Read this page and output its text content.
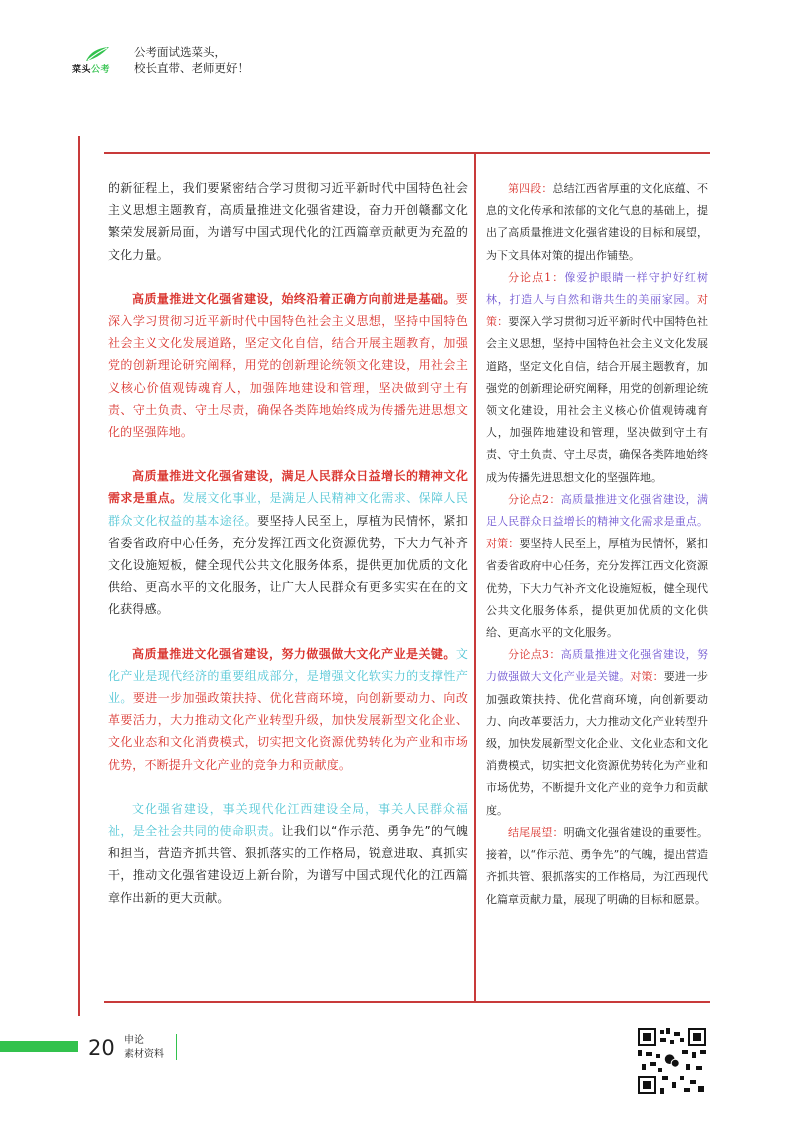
菜头公考
公考面试选菜头，
校长直带、老师更好！

的新征程上，我们要紧密结合学习贯彻习近平新时代中国特色社会主义思想主题教育，高质量推进文化强省建设，奋力开创赣鄱文化繁荣发展新局面，为谱写中国式现代化的江西篇章贡献更为充盈的文化力量。

高质量推进文化强省建设，始终沿着正确方向前进是基础。要深入学习贯彻习近平新时代中国特色社会主义思想，坚持中国特色社会主义文化发展道路，坚定文化自信，结合开展主题教育，加强党的创新理论研究阐释，用党的创新理论统领文化建设，用社会主义核心价值观铸魂育人，加强阵地建设和管理，坚决做到守土有责、守土负责、守土尽责，确保各类阵地始终成为传播先进思想文化的坚强阵地。

高质量推进文化强省建设，满足人民群众日益增长的精神文化需求是重点。发展文化事业，是满足人民精神文化需求、保障人民群众文化权益的基本途径。要坚持人民至上，厚植为民情怀，紧扣省委省政府中心任务，充分发挥江西文化资源优势，下大力气补齐文化设施短板，健全现代公共文化服务体系，提供更加优质的文化供给、更高水平的文化服务，让广大人民群众有更多实实在在的文化获得感。

高质量推进文化强省建设，努力做强做大文化产业是关键。文化产业是现代经济的重要组成部分，是增强文化软实力的支撑性产业。要进一步加强政策扶持、优化营商环境，向创新要动力、向改革要活力，大力推动文化产业转型升级，加快发展新型文化企业、文化业态和文化消费模式，切实把文化资源优势转化为产业和市场优势，不断提升文化产业的竞争力和贡献度。

文化强省建设，事关现代化江西建设全局，事关人民群众福祉，是全社会共同的使命职责。让我们以“作示范、勇争先”的气魄和担当，营造齐抓共管、狠抓落实的工作格局，锐意进取、真抓实干，推动文化强省建设迈上新台阶，为谱写中国式现代化的江西篇章作出新的更大贡献。

第四段：总结江西省厚重的文化底蕴、不息的文化传承和浓郁的文化气息的基础上，提出了高质量推进文化强省建设的目标和展望，为下文具体对策的提出作铺垫。

分论点1：像爱护眼睛一样守护好红树林，打造人与自然和谐共生的美丽家园。对策：要深入学习贯彻习近平新时代中国特色社会主义思想，坚持中国特色社会主义文化发展道路，坚定文化自信，结合开展主题教育，加强党的创新理论研究阐释，用党的创新理论统领文化建设，用社会主义核心价值观铸魂育人，加强阵地建设和管理，坚决做到守土有责、守土负责、守土尽责，确保各类阵地始终成为传播先进思想文化的坚强阵地。

分论点2：高质量推进文化强省建设，满足人民群众日益增长的精神文化需求是重点。对策：要坚持人民至上，厚植为民情怀，紧扣省委省政府中心任务，充分发挥江西文化资源优势，下大力气补齐文化设施短板，健全现代公共文化服务体系，提供更加优质的文化供给、更高水平的文化服务。

分论点3：高质量推进文化强省建设，努力做强做大文化产业是关键。对策：要进一步加强政策扶持、优化营商环境，向创新要动力、向改革要活力，大力推动文化产业转型升级，加快发展新型文化企业、文化业态和文化消费模式，切实把文化资源优势转化为产业和市场优势，不断提升文化产业的竞争力和贡献度。

结尾展望：明确文化强省建设的重要性。接着，以“作示范、勇争先”的气魄，提出营造齐抓共管、狠抓落实的工作格局，为江西现代化篇章贡献力量，展现了明确的目标和愿景。

20 申论
素材资料
